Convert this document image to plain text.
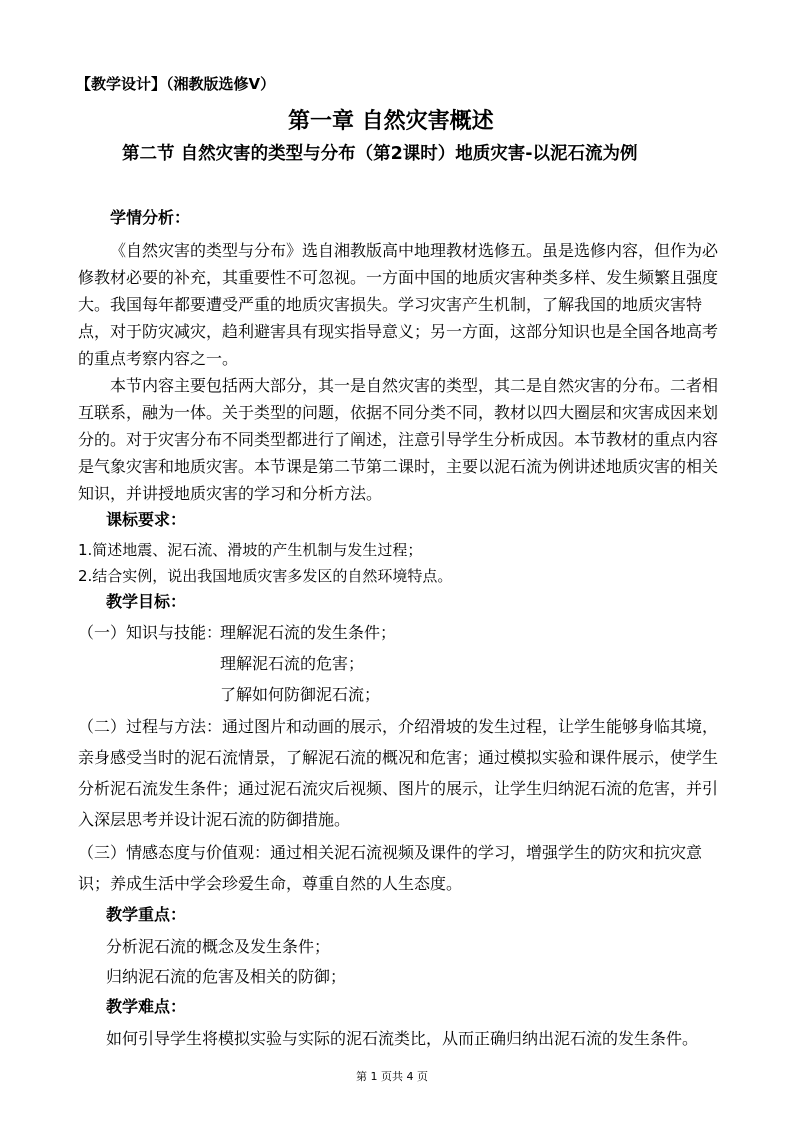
【教学设计】（湘教版选修Ⅴ）
第一章 自然灾害概述
第二节 自然灾害的类型与分布（第2课时）地质灾害-以泥石流为例
学情分析：
《自然灾害的类型与分布》选自湘教版高中地理教材选修五。虽是选修内容，但作为必
修教材必要的补充，其重要性不可忽视。一方面中国的地质灾害种类多样、发生频繁且强度
大。我国每年都要遭受严重的地质灾害损失。学习灾害产生机制，了解我国的地质灾害特
点，对于防灾减灾，趋利避害具有现实指导意义；另一方面，这部分知识也是全国各地高考
的重点考察内容之一。
本节内容主要包括两大部分，其一是自然灾害的类型，其二是自然灾害的分布。二者相
互联系，融为一体。关于类型的问题，依据不同分类不同，教材以四大圈层和灾害成因来划
分的。对于灾害分布不同类型都进行了阐述，注意引导学生分析成因。本节教材的重点内容
是气象灾害和地质灾害。本节课是第二节第二课时，主要以泥石流为例讲述地质灾害的相关
知识，并讲授地质灾害的学习和分析方法。
课标要求：
1.简述地震、泥石流、滑坡的产生机制与发生过程；
2.结合实例，说出我国地质灾害多发区的自然环境特点。
教学目标：
（一）知识与技能：
理解泥石流的发生条件；
理解泥石流的危害；
了解如何防御泥石流；
（二）过程与方法：通过图片和动画的展示，介绍滑坡的发生过程，让学生能够身临其境，
亲身感受当时的泥石流情景，了解泥石流的概况和危害；通过模拟实验和课件展示，使学生
分析泥石流发生条件；通过泥石流灾后视频、图片的展示，让学生归纳泥石流的危害，并引
入深层思考并设计泥石流的防御措施。
（三）情感态度与价值观：通过相关泥石流视频及课件的学习，增强学生的防灾和抗灾意
识；养成生活中学会珍爱生命，尊重自然的人生态度。
教学重点：
分析泥石流的概念及发生条件；
归纳泥石流的危害及相关的防御；
教学难点：
如何引导学生将模拟实验与实际的泥石流类比，从而正确归纳出泥石流的发生条件。
第 1 页共 4 页
